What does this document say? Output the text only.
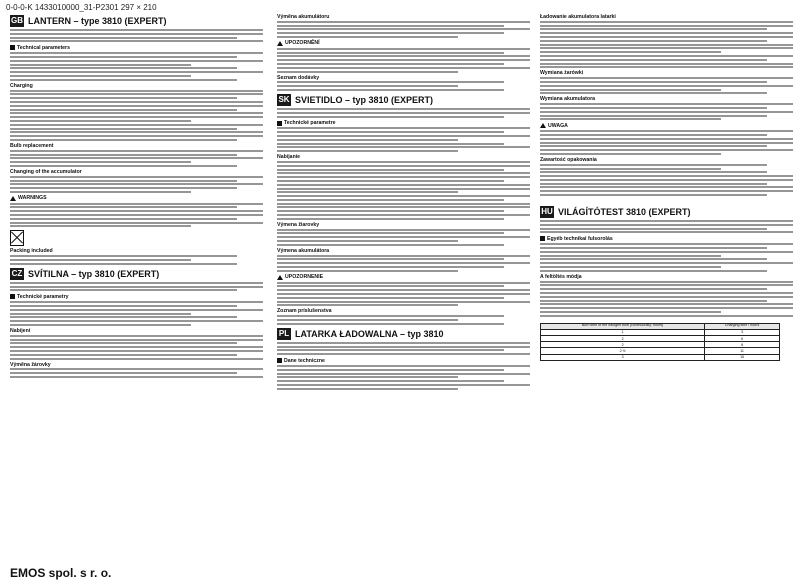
0-0-0-K 1433010000_31-P2301 297 × 210
GB LANTERN – type 3810 (EXPERT)
Technical parameters
Charging
Bulb replacement
Changing of the accumulator
WARNINGS
Packing included
CZ SVÍTILNA – typ 3810 (EXPERT)
Technické parametry
Nabíjení
Výměna žárovky
Výměna akumulátoru
UPOZORNĚNÍ
Seznam dodávky
SK SVIETIDLO – typ 3810 (EXPERT)
Technické parametre
Nabíjanie
Výmena žiarovky
Výmena akumulátora
UPOZORNENIE
Zoznam príslušenstva
PL LATARKA ŁADOWALNA – typ 3810
Dane techniczne
Ładowanie akumulatora latarki
Wymiana żarówki
Wymiana akumulatora
UWAGA
Zawartość opakowania
HU VILÁGÍTÓTEST 3810 (EXPERT)
Egyéb technikai fulsorolás
A feltöltés módja
Burn time of the halogen bulb (continuously; hours)	Charging time / hours
1	3
2	6
2	8
2 ½	11
3	15
EMOS spol. s r. o.
